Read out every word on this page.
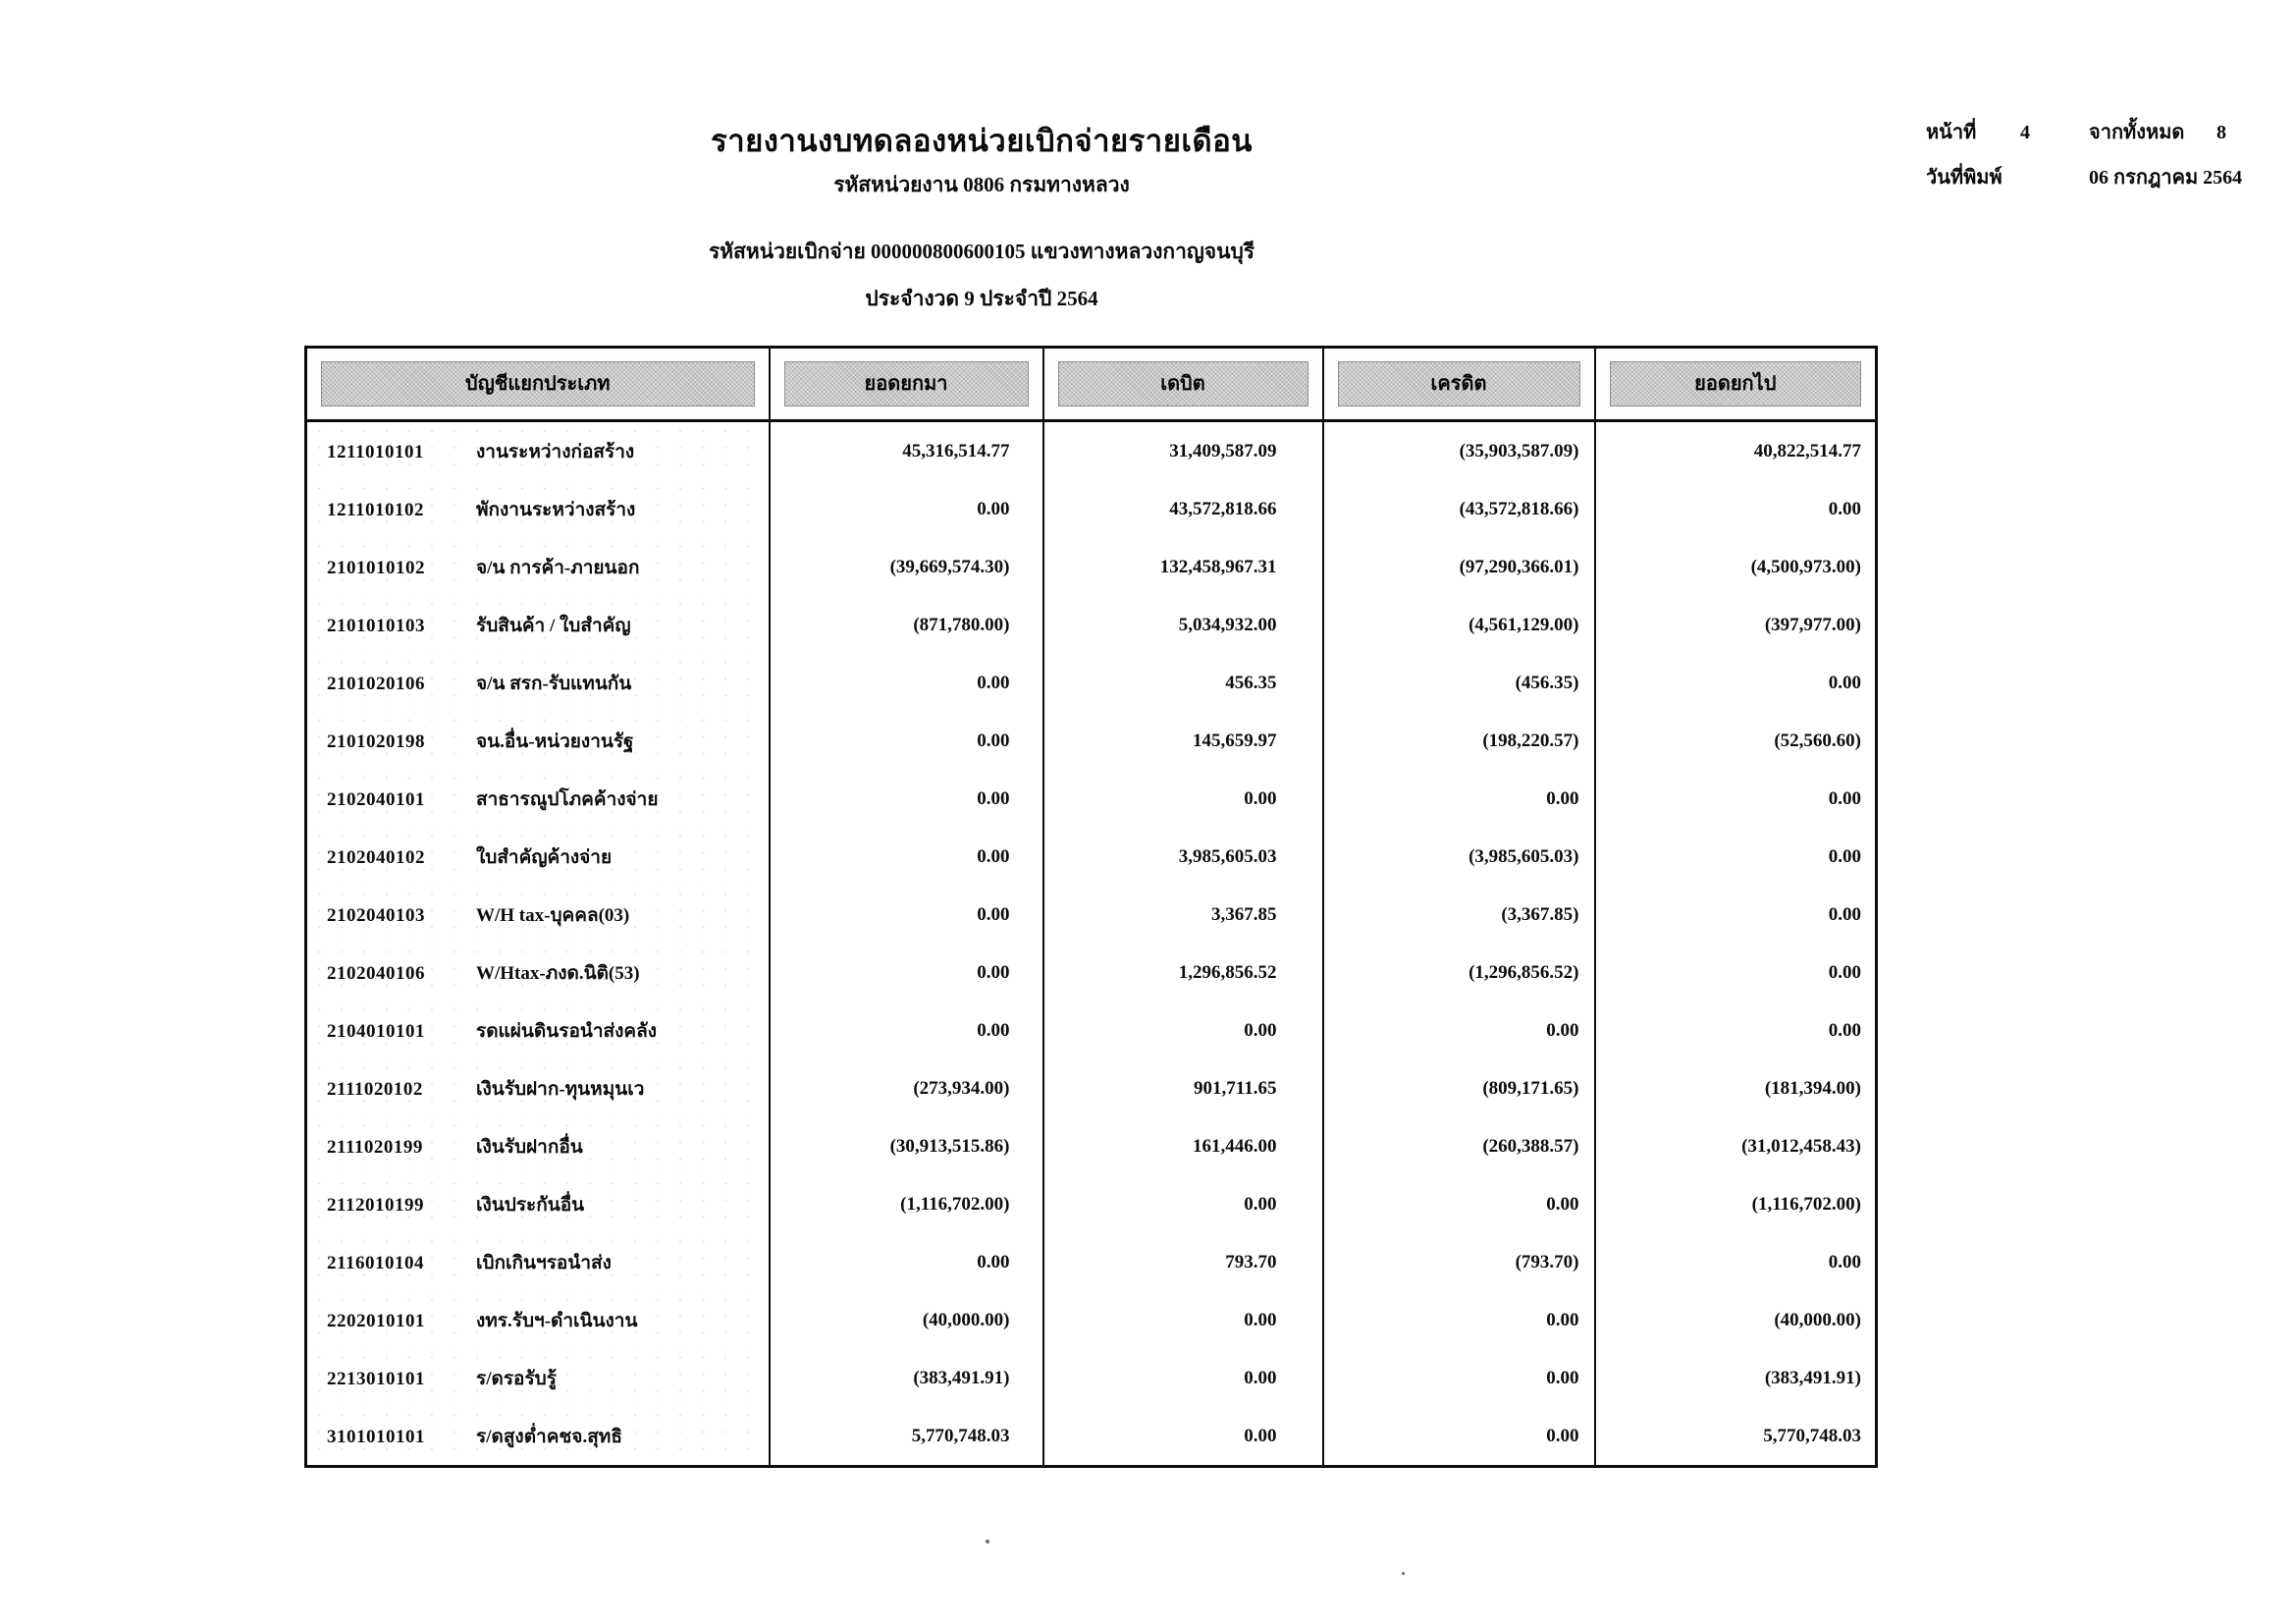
รายงานงบทดลองหน่วยเบิกจ่ายรายเดือน
รหัสหน่วยงาน 0806 กรมทางหลวง
รหัสหน่วยเบิกจ่าย 000000800600105 แขวงทางหลวงกาญจนบุรี
ประจำงวด 9 ประจำปี 2564
หน้าที่	4	จากทั้งหมด	8
วันที่พิมพ์	06 กรกฎาคม 2564
บัญชีแยกประเภท	ยอดยกมา	เดบิต	เครดิต	ยอดยกไป

1211010101 งานระหว่างก่อสร้าง	45,316,514.77	31,409,587.09	(35,903,587.09)	40,822,514.77
1211010102 พักงานระหว่างสร้าง	0.00	43,572,818.66	(43,572,818.66)	0.00
2101010102 จ/น การค้า-ภายนอก	(39,669,574.30)	132,458,967.31	(97,290,366.01)	(4,500,973.00)
2101010103 รับสินค้า / ใบสำคัญ	(871,780.00)	5,034,932.00	(4,561,129.00)	(397,977.00)
2101020106 จ/น สรก-รับแทนกัน	0.00	456.35	(456.35)	0.00
2101020198 จน.อื่น-หน่วยงานรัฐ	0.00	145,659.97	(198,220.57)	(52,560.60)
2102040101 สาธารณูปโภคค้างจ่าย	0.00	0.00	0.00	0.00
2102040102 ใบสำคัญค้างจ่าย	0.00	3,985,605.03	(3,985,605.03)	0.00
2102040103 W/H tax-บุคคล(03)	0.00	3,367.85	(3,367.85)	0.00
2102040106 W/Htax-ภงด.นิติ(53)	0.00	1,296,856.52	(1,296,856.52)	0.00
2104010101 รดแผ่นดินรอนำส่งคลัง	0.00	0.00	0.00	0.00
2111020102 เงินรับฝาก-ทุนหมุนเว	(273,934.00)	901,711.65	(809,171.65)	(181,394.00)
2111020199 เงินรับฝากอื่น	(30,913,515.86)	161,446.00	(260,388.57)	(31,012,458.43)
2112010199 เงินประกันอื่น	(1,116,702.00)	0.00	0.00	(1,116,702.00)
2116010104 เบิกเกินฯรอนำส่ง	0.00	793.70	(793.70)	0.00
2202010101 งทร.รับฯ-ดำเนินงาน	(40,000.00)	0.00	0.00	(40,000.00)
2213010101 ร/ดรอรับรู้	(383,491.91)	0.00	0.00	(383,491.91)
3101010101 ร/ดสูงต่ำคชจ.สุทธิ	5,770,748.03	0.00	0.00	5,770,748.03
